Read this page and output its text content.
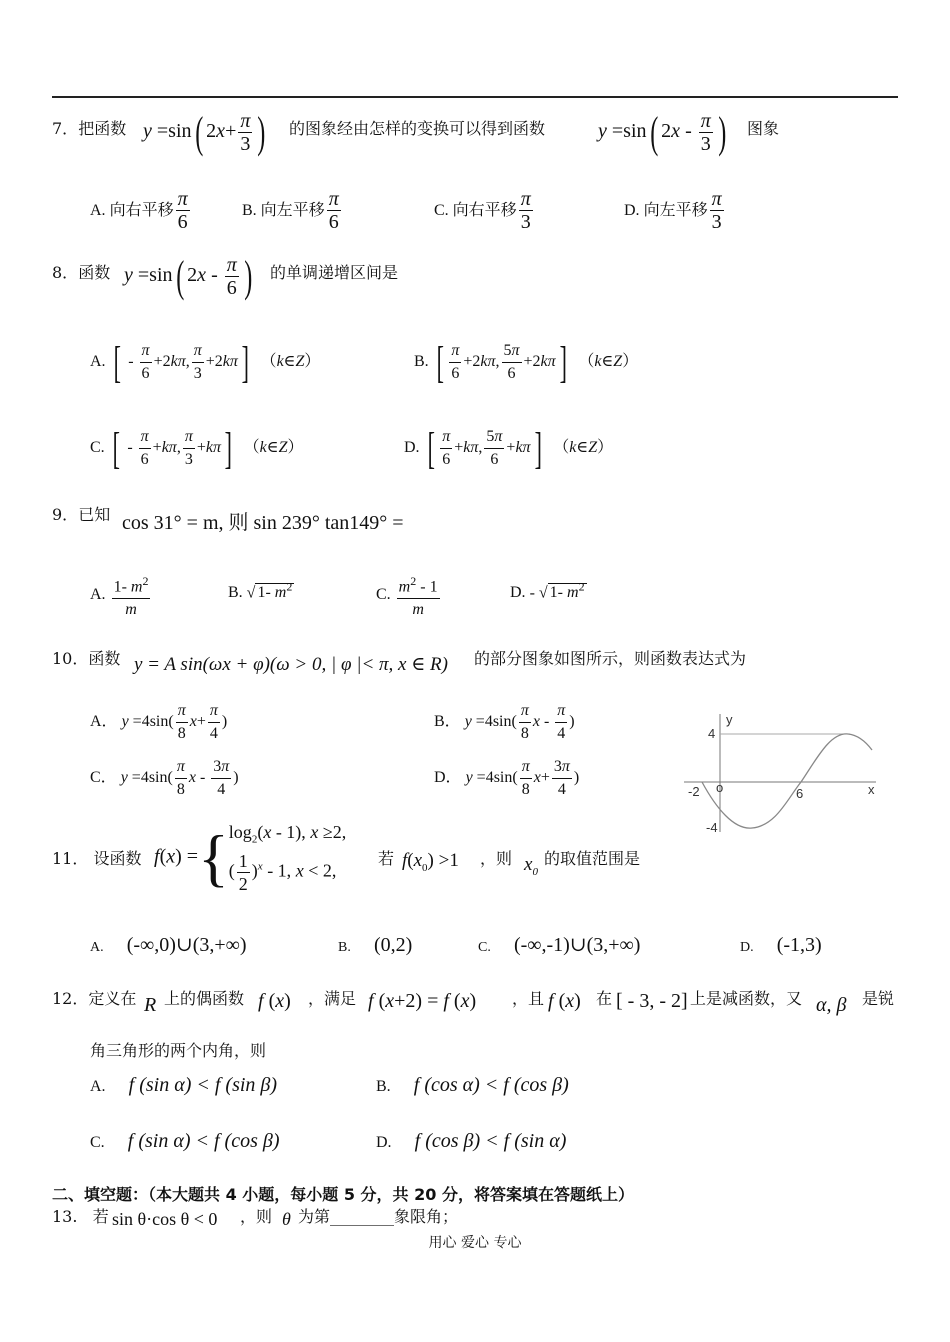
7．把函数 y =sin( $2x+ \frac{\pi}{3}$ ) 的图象经由怎样的变换可以得到函数	y =sin( $2x - \frac{\pi}{3}$ ) 图象
A. 向右平移 $\frac{\pi}{6}$	B. 向左平移 $\frac{\pi}{6}$	C. 向右平移 $\frac{\pi}{3}$	D. 向左平移 $\frac{\pi}{3}$
8．函数 y =sin( $2x - \frac{\pi}{6}$ ) 的单调递增区间是
A. [ - $\frac{\pi}{6} +2k\pi$, $\frac{\pi}{3} +2k\pi$]  （k∈Z）	B. [ $\frac{\pi}{6} +2k\pi$, $\frac{5\pi}{6} +2k\pi$]  （k∈Z）
C. [ - $\frac{\pi}{6} +k\pi$, $\frac{\pi}{3} +k\pi$]  （k∈Z）	D. [ $\frac{\pi}{6} +k\pi$, $\frac{5\pi}{6} +k\pi$]  （k∈Z）
9．已知 cos 31° = m, 则 sin 239° tan149° =
A. $\frac{1- m^2}{m}$	B. √ 1- $m^2$	C. $\frac{m^2 - 1}{m}$	D. - √ 1- $m^2$
10．函数 y = A sin(ωx + φ)(ω > 0, | φ |< π, x ∈ R) 的部分图象如图所示，则函数表达式为
A． $y =4\sin( \frac{\pi}{8} x+ \frac{\pi}{4}$ )	B． $y =4\sin( \frac{\pi}{8}$ x - $\frac{\pi}{4}$ )
C． $y =4\sin( \frac{\pi}{8}$ x - $\frac{3\pi}{4}$ )	D． $y =4\sin( \frac{\pi}{8} x+ \frac{3\pi}{4}$ )
4
y
-2 o	6	x
-4
11． 设函数 f(x) ={ $\log_2(x - 1)$, x ≥2,
( $\frac{1}{2} )^x - 1$, x < 2,
若 $f(x_0) >1$ ，则 $x_0$
的取值范围是
A. (-∞,0)∪(3,+∞)	B. (0,2)	C. (-∞,-1)∪(3,+∞)	D. (-1,3)
12．定义在 R 上的偶函数 f (x) ，满足 f (x+2) = f (x) ，且 f (x) 在 [ - 3, - 2] 上是减函数，又 α, β 是锐
角三角形的两个内角，则
A. f (sin α) < f (sin β)	B. f (cos α) < f (cos β)
C. f (sin α) < f (cos β)	D. f (cos β) < f (sin α)
二、填空题：（本大题共 4 小题，每小题 5 分，共 20 分，将答案填在答题纸上）
13. 若 sin θ·cos θ < 0 ，则 θ 为第________象限角；
用心 爱心 专心
